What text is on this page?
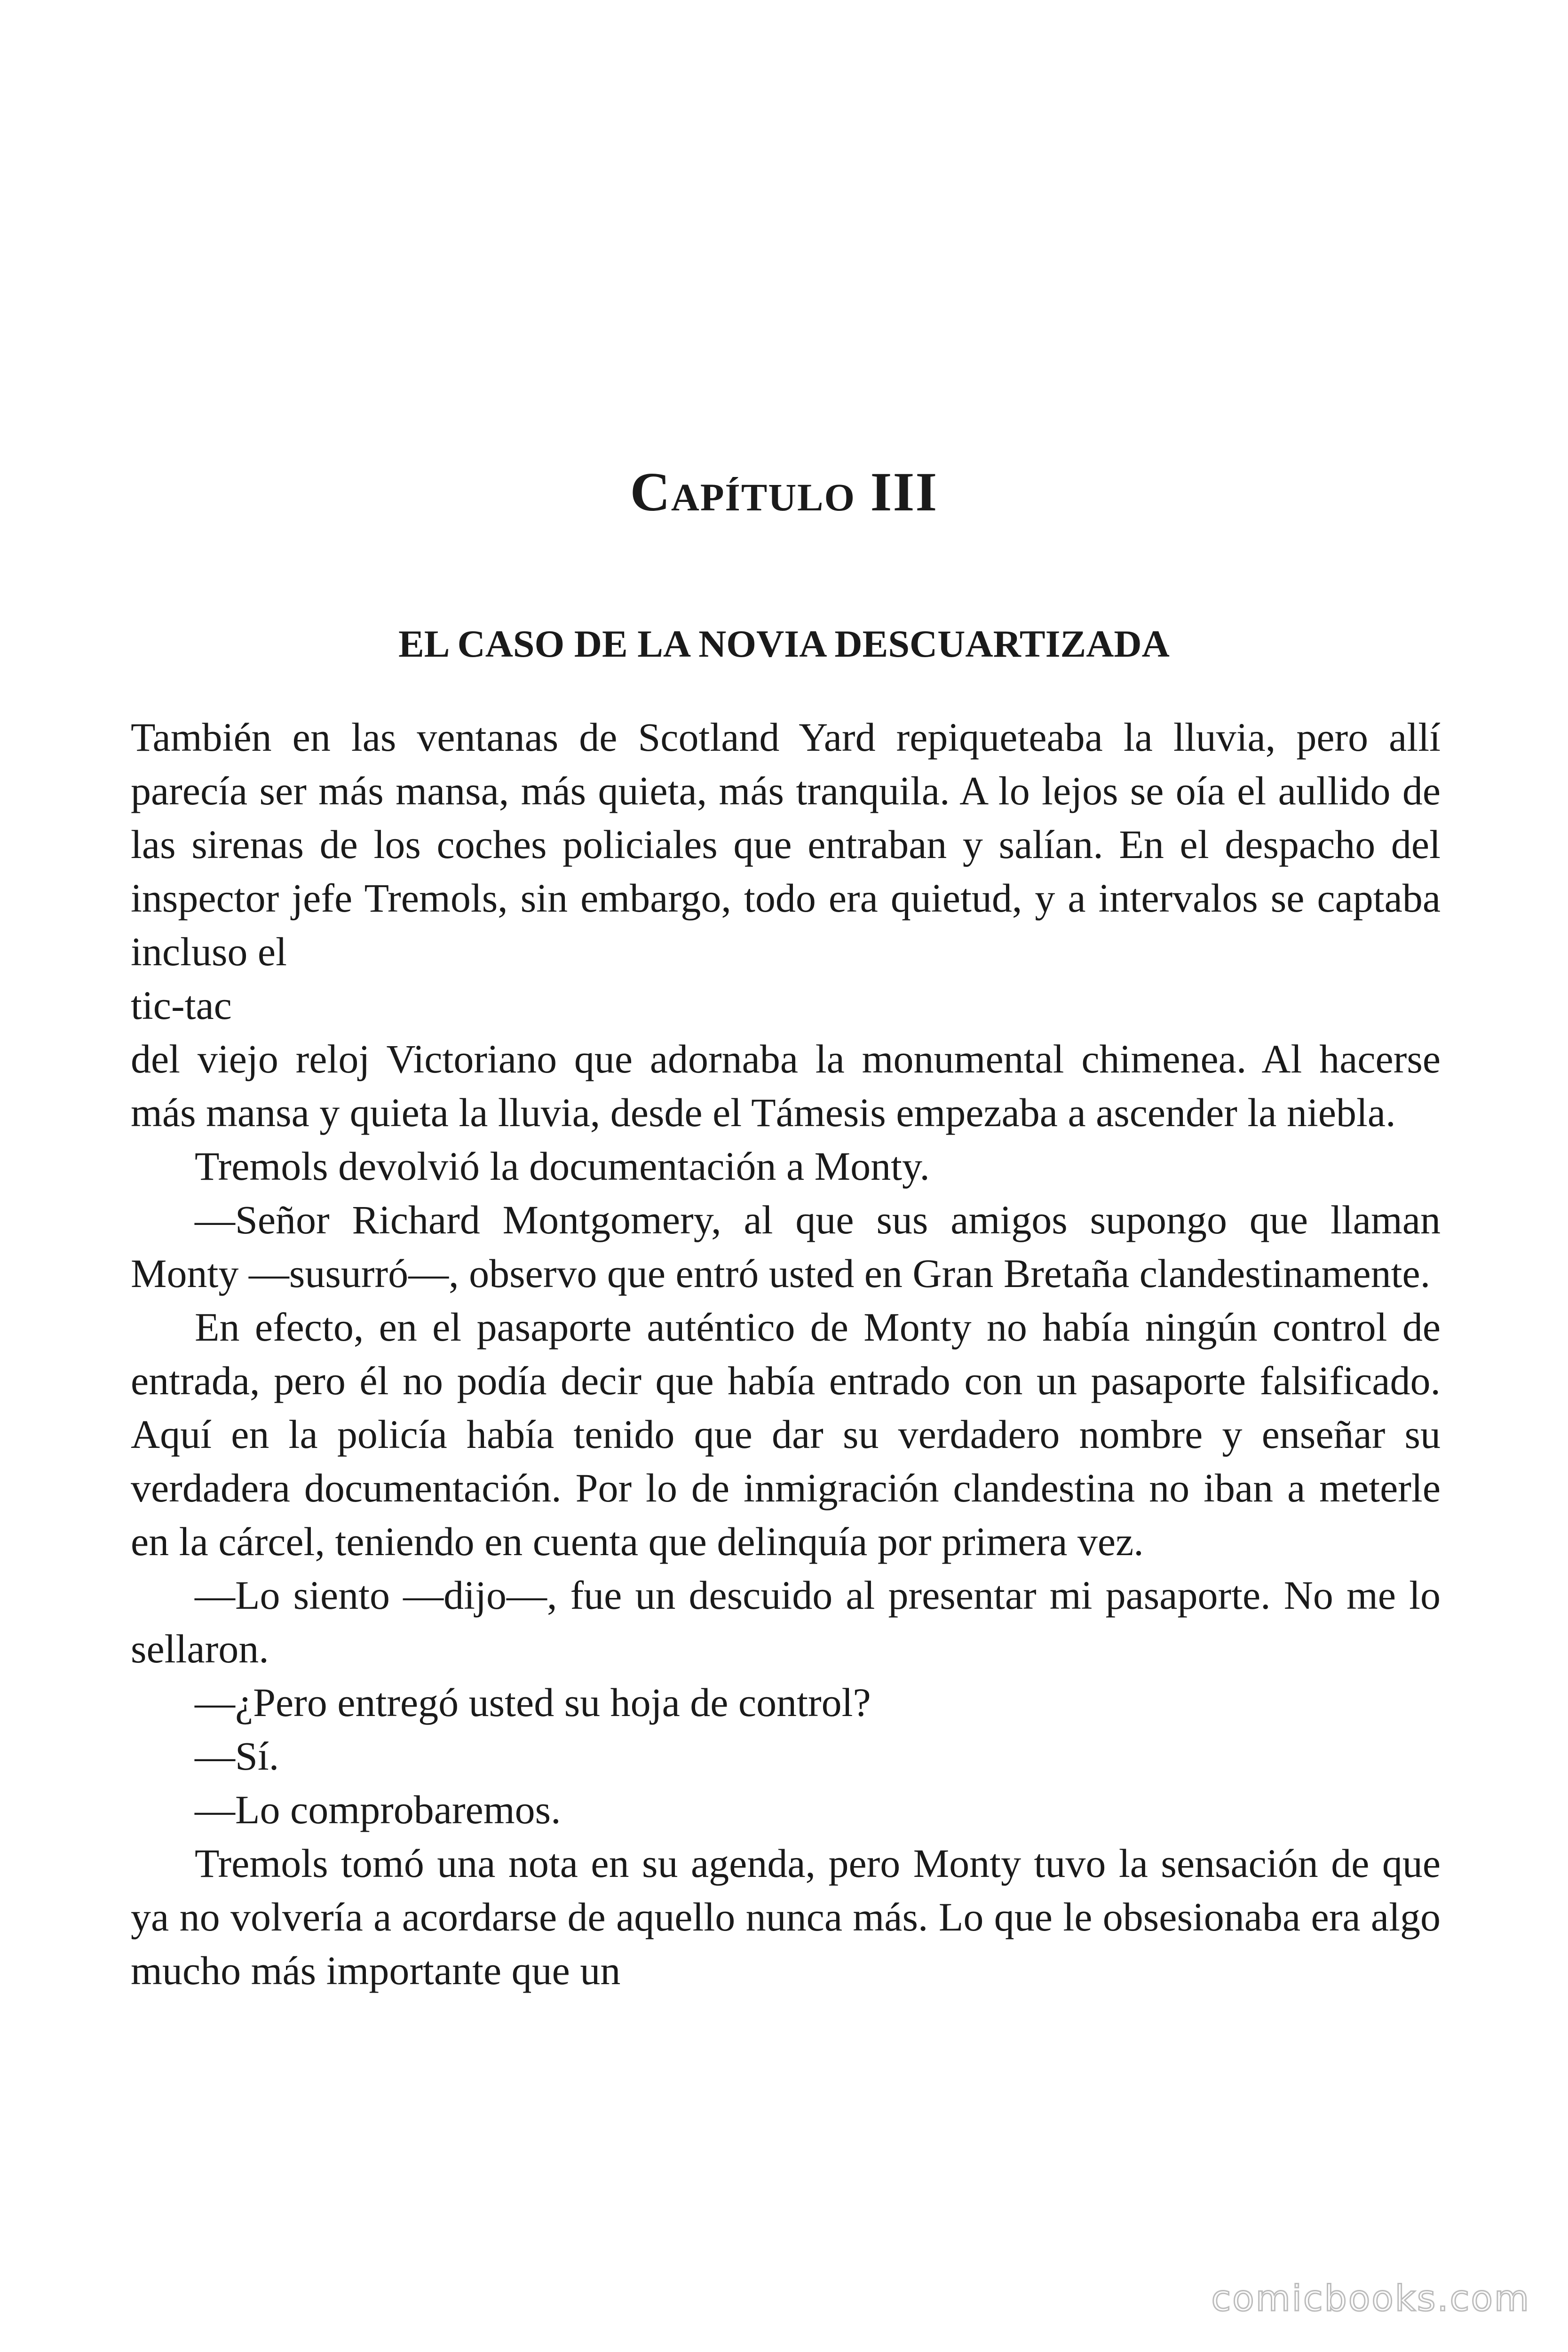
Capítulo III
EL CASO DE LA NOVIA DESCUARTIZADA

También en las ventanas de Scotland Yard repiqueteaba la lluvia, pero allí parecía ser más mansa, más quieta, más tranquila. A lo lejos se oía el aullido de las sirenas de los coches policiales que entraban y salían. En el despacho del inspector jefe Tremols, sin embargo, todo era quietud, y a intervalos se captaba incluso el

tic-tac

del viejo reloj Victoriano que adornaba la monumental chimenea. Al hacerse más mansa y quieta la lluvia, desde el Támesis empezaba a ascender la niebla.

Tremols devolvió la documentación a Monty.

—Señor Richard Montgomery, al que sus amigos supongo que llaman Monty —susurró—, observo que entró usted en Gran Bretaña clandestinamente.

En efecto, en el pasaporte auténtico de Monty no había ningún control de entrada, pero él no podía decir que había entrado con un pasaporte falsificado. Aquí en la policía había tenido que dar su verdadero nombre y enseñar su verdadera documentación. Por lo de inmigración clandestina no iban a meterle en la cárcel, teniendo en cuenta que delinquía por primera vez.

—Lo siento —dijo—, fue un descuido al presentar mi pasaporte. No me lo sellaron.

—¿Pero entregó usted su hoja de control?

—Sí.

—Lo comprobaremos.

Tremols tomó una nota en su agenda, pero Monty tuvo la sensación de que ya no volvería a acordarse de aquello nunca más. Lo que le obsesionaba era algo mucho más importante que un

comicbooks.com
